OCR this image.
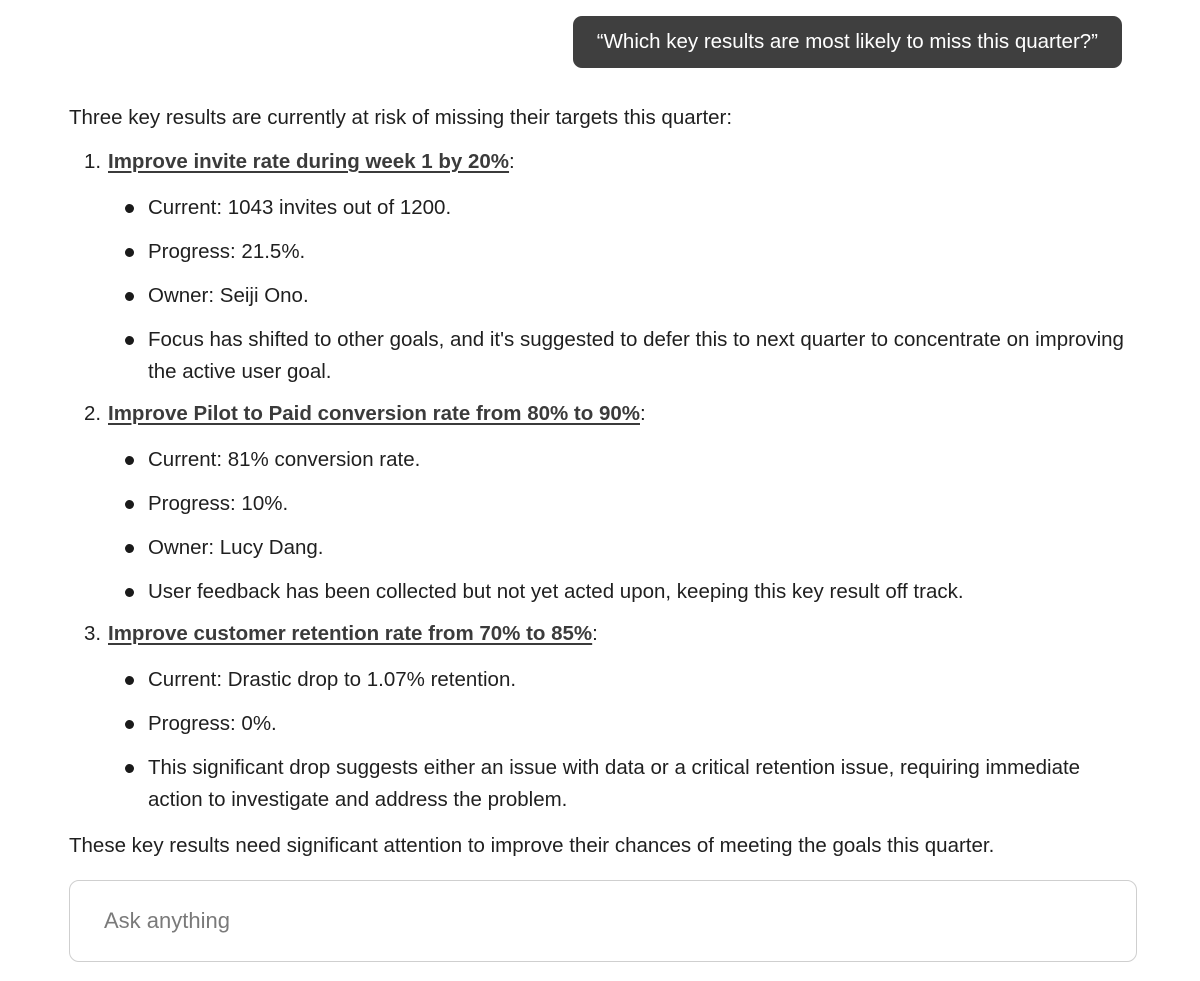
“Which key results are most likely to miss this quarter?”

Three key results are currently at risk of missing their targets this quarter:

1. Improve invite rate during week 1 by 20%:
Current: 1043 invites out of 1200.
Progress: 21.5%.
Owner: Seiji Ono.
Focus has shifted to other goals, and it's suggested to defer this to next quarter to concentrate on improving the active user goal.
2. Improve Pilot to Paid conversion rate from 80% to 90%:
Current: 81% conversion rate.
Progress: 10%.
Owner: Lucy Dang.
User feedback has been collected but not yet acted upon, keeping this key result off track.
3. Improve customer retention rate from 70% to 85%:
Current: Drastic drop to 1.07% retention.
Progress: 0%.
This significant drop suggests either an issue with data or a critical retention issue, requiring immediate action to investigate and address the problem.

These key results need significant attention to improve their chances of meeting the goals this quarter.

Ask anything
